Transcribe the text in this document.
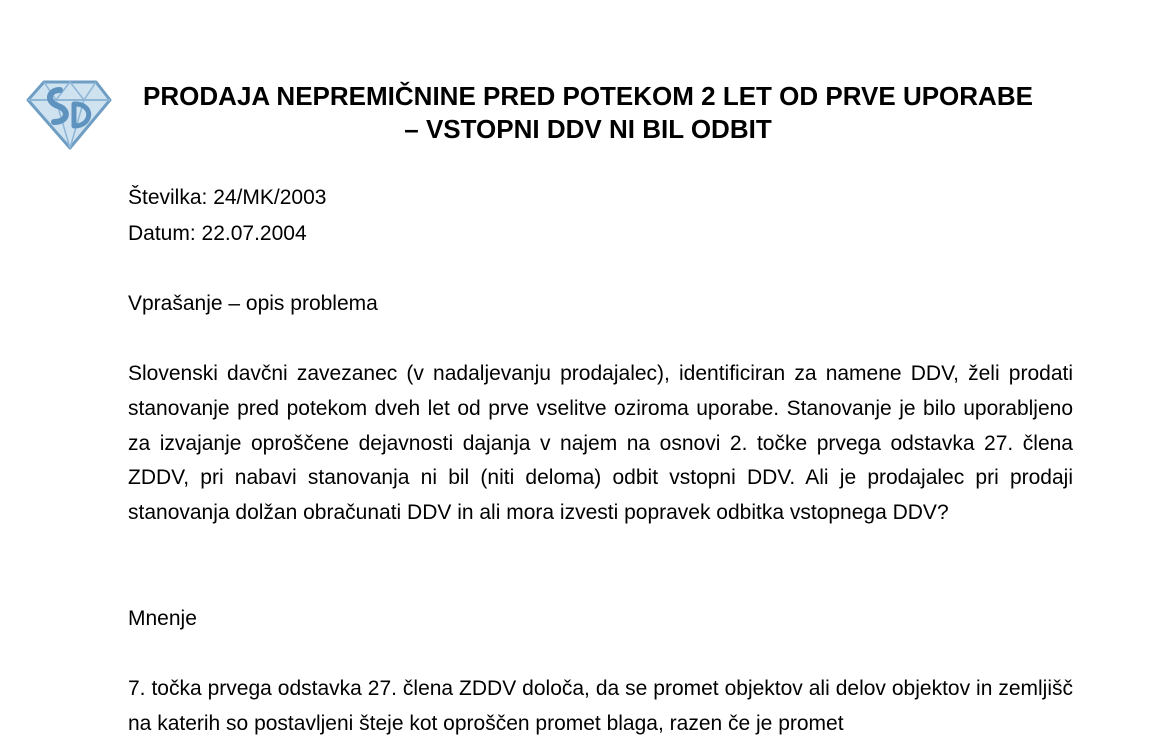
PRODAJA NEPREMIČNINE PRED POTEKOM 2 LET OD PRVE UPORABE
– VSTOPNI DDV NI BIL ODBIT
Številka: 24/MK/2003
Datum: 22.07.2004
Vprašanje – opis problema
Slovenski davčni zavezanec (v nadaljevanju prodajalec), identificiran za namene DDV, želi prodati stanovanje pred potekom dveh let od prve vselitve oziroma uporabe. Stanovanje je bilo uporabljeno za izvajanje oproščene dejavnosti dajanja v najem na osnovi 2. točke prvega odstavka 27. člena ZDDV, pri nabavi stanovanja ni bil (niti deloma) odbit vstopni DDV. Ali je prodajalec pri prodaji stanovanja dolžan obračunati DDV in ali mora izvesti popravek odbitka vstopnega DDV?
Mnenje
7. točka prvega odstavka 27. člena ZDDV določa, da se promet objektov ali delov objektov in zemljišč na katerih so postavljeni šteje kot oproščen promet blaga, razen če je promet
